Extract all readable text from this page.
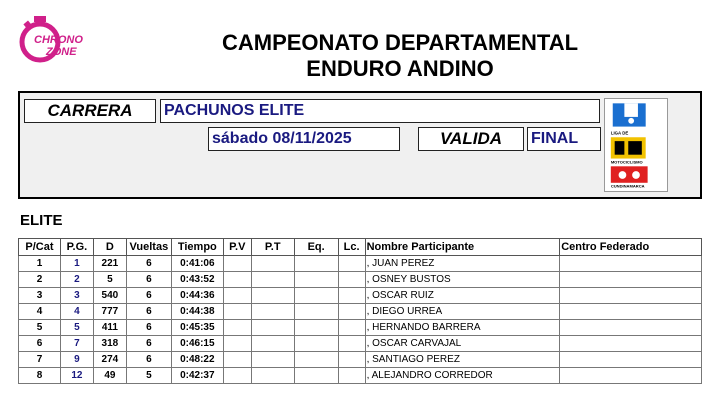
CHRONO
ZONE	CAMPEONATO DEPARTAMENTAL
ENDURO ANDINO
CARRERA	PACHUNOS ELITE
sábado 08/11/2025	VALIDA	FINAL	LIGA DE
MOTOCICLISMO
CUNDINAMARCA
ELITE
P/Cat	P.G.	D	Vueltas	Tiempo	P.V	P.T	Eq.	Lc.	Nombre Participante	Centro Federado
1	1	221	6	0:41:06					, JUAN PEREZ	
2	2	5	6	0:43:52					, OSNEY BUSTOS	
3	3	540	6	0:44:36					, OSCAR RUIZ	
4	4	777	6	0:44:38					, DIEGO URREA	
5	5	411	6	0:45:35					, HERNANDO BARRERA	
6	7	318	6	0:46:15					, OSCAR CARVAJAL	
7	9	274	6	0:48:22					, SANTIAGO PEREZ	
8	12	49	5	0:42:37					, ALEJANDRO CORREDOR	
